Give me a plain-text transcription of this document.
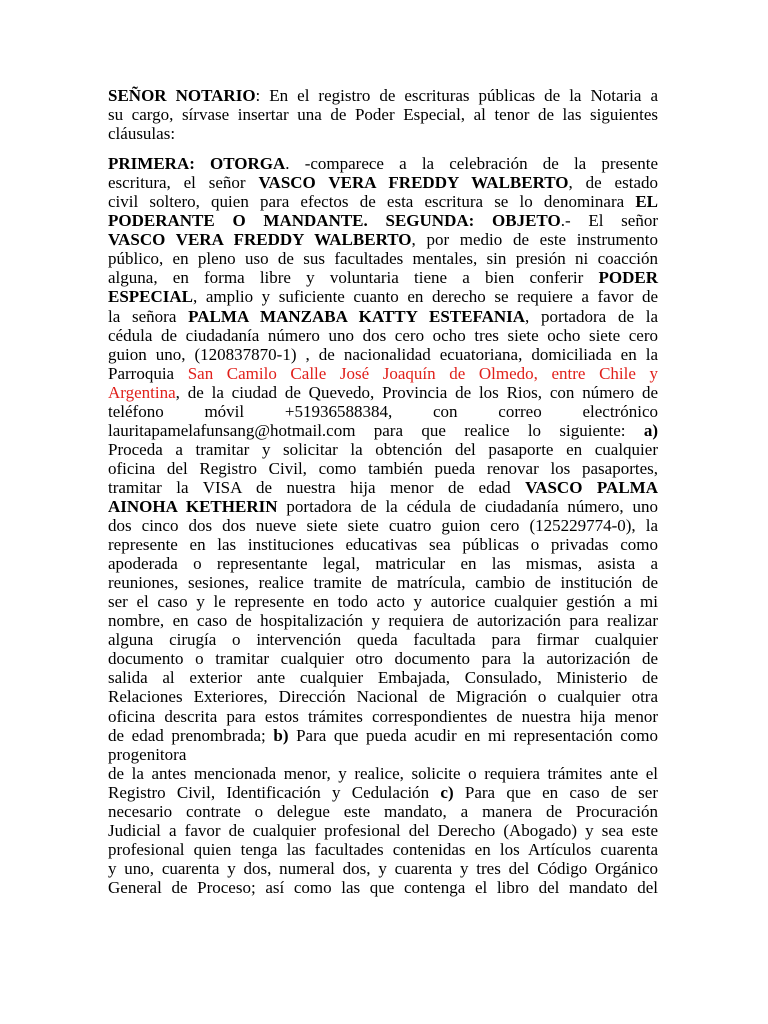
SEÑOR NOTARIO: En el registro de escrituras públicas de la Notaria a
su cargo, sírvase insertar una de Poder Especial, al tenor de las siguientes
cláusulas:

PRIMERA: OTORGA. -comparece a la celebración de la presente
escritura, el señor VASCO VERA FREDDY WALBERTO, de estado
civil soltero, quien para efectos de esta escritura se lo denominara EL
PODERANTE O MANDANTE. SEGUNDA: OBJETO.- El señor
VASCO VERA FREDDY WALBERTO, por medio de este instrumento
público, en pleno uso de sus facultades mentales, sin presión ni coacción
alguna, en forma libre y voluntaria tiene a bien conferir PODER
ESPECIAL, amplio y suficiente cuanto en derecho se requiere a favor de
la señora PALMA MANZABA KATTY ESTEFANIA, portadora de la
cédula de ciudadanía número uno dos cero ocho tres siete ocho siete cero
guion uno, (120837870-1) , de nacionalidad ecuatoriana, domiciliada en la
Parroquia San Camilo Calle José Joaquín de Olmedo, entre Chile y
Argentina, de la ciudad de Quevedo, Provincia de los Rios, con número de
teléfono móvil +51936588384, con correo electrónico
lauritapamelafunsang@hotmail.com para que realice lo siguiente: a)
Proceda a tramitar y solicitar la obtención del pasaporte en cualquier
oficina del Registro Civil, como también pueda renovar los pasaportes,
tramitar la VISA de nuestra hija menor de edad VASCO PALMA
AINOHA KETHERIN portadora de la cédula de ciudadanía número, uno
dos cinco dos dos nueve siete siete cuatro guion cero (125229774-0), la
represente en las instituciones educativas sea públicas o privadas como
apoderada o representante legal, matricular en las mismas, asista a
reuniones, sesiones, realice tramite de matrícula, cambio de institución de
ser el caso y le represente en todo acto y autorice cualquier gestión a mi
nombre, en caso de hospitalización y requiera de autorización para realizar
alguna cirugía o intervención queda facultada para firmar cualquier
documento o tramitar cualquier otro documento para la autorización de
salida al exterior ante cualquier Embajada, Consulado, Ministerio de
Relaciones Exteriores, Dirección Nacional de Migración o cualquier otra
oficina descrita para estos trámites correspondientes de nuestra hija menor
de edad prenombrada; b) Para que pueda acudir en mi representación como
progenitora

de la antes mencionada menor, y realice, solicite o requiera trámites ante el
Registro Civil, Identificación y Cedulación c) Para que en caso de ser
necesario contrate o delegue este mandato, a manera de Procuración
Judicial a favor de cualquier profesional del Derecho (Abogado) y sea este
profesional quien tenga las facultades contenidas en los Artículos cuarenta
y uno, cuarenta y dos, numeral dos, y cuarenta y tres del Código Orgánico
General de Proceso; así como las que contenga el libro del mandato del
